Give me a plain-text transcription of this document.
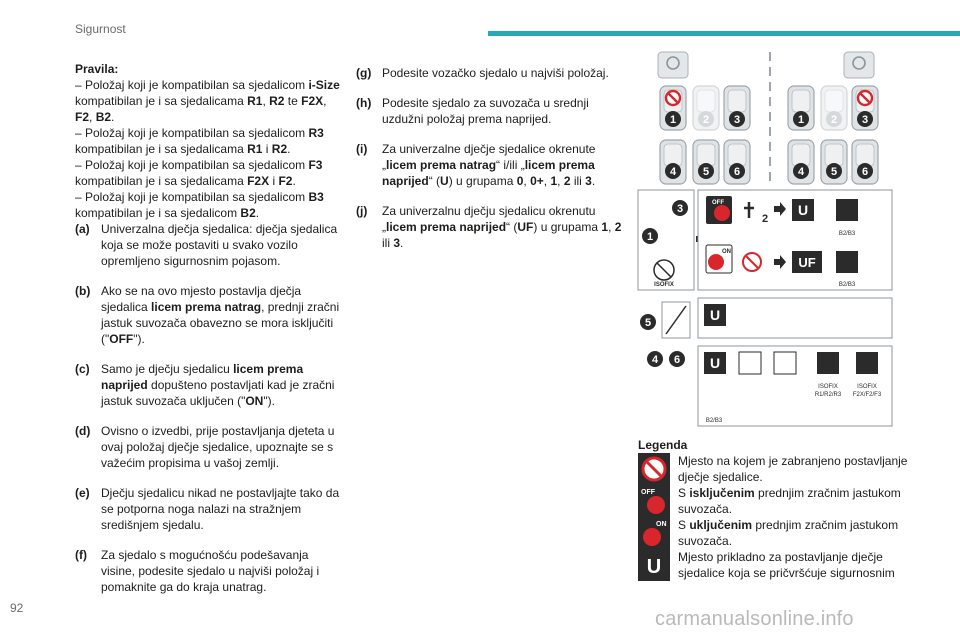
Sigurnost
92	carmanualsonline.info

Pravila:

– Položaj koji je kompatibilan sa sjedalicom i-Size kompatibilan je i sa sjedalicama R1, R2 te F2X, F2, B2.

– Položaj koji je kompatibilan sa sjedalicom R3 kompatibilan je i sa sjedalicama R1 i R2.

– Položaj koji je kompatibilan sa sjedalicom F3 kompatibilan je i sa sjedalicama F2X i F2.

– Položaj koji je kompatibilan sa sjedalicom B3 kompatibilan je i sa sjedalicom B2.

(a) Univerzalna dječja sjedalica: dječja sjedalica koja se može postaviti u svako vozilo opremljeno sigurnosnim pojasom.
(b) Ako se na ovo mjesto postavlja dječja sjedalica licem prema natrag, prednji zračni jastuk suvozača obavezno se mora isključiti ("OFF").
(c) Samo je dječju sjedalicu licem prema naprijed dopušteno postavljati kad je zračni jastuk suvozača uključen ("ON").
(d) Ovisno o izvedbi, prije postavljanja djeteta u ovaj položaj dječje sjedalice, upoznajte se s važećim propisima u vašoj zemlji.
(e) Dječju sjedalicu nikad ne postavljajte tako da se potporna noga nalazi na stražnjem središnjem sjedalu.
(f)	Za sjedalo s mogućnošću podešavanja visine, podesite sjedalo u najviši položaj i pomaknite ga do kraja unatrag.
(g) Podesite vozačko sjedalo u najviši položaj.
(h) Podesite sjedalo za suvozača u srednji uzdužni položaj prema naprijed.
(i)	Za univerzalne dječje sjedalice okrenute „licem prema natrag“ i/ili „licem prema naprijed“ (U) u grupama 0, 0+, 1, 2 ili 3.
(j)	Za univerzalnu dječju sjedalicu okrenutu „licem prema naprijed“ (UF) u grupama 1, 2 ili 3.
1 2 3
4 5 6
1 2 3
4 5 6
3
1
ISOFIX
OFF
2
U
B2/B3
ON
UF
B2/B3
5	U
4 6 U
B2/B3
ISOFIX
R1/R2/R3
ISOFIX
F2X/F2/F3
Legenda
Mjesto na kojem je zabranjeno postavljanje dječje sjedalice.
OFF S isključenim prednjim zračnim jastukom suvozača.
ON S uključenim prednjim zračnim jastukom suvozača.
U Mjesto prikladno za postavljanje dječje sjedalice koja se pričvršćuje sigurnosnim
